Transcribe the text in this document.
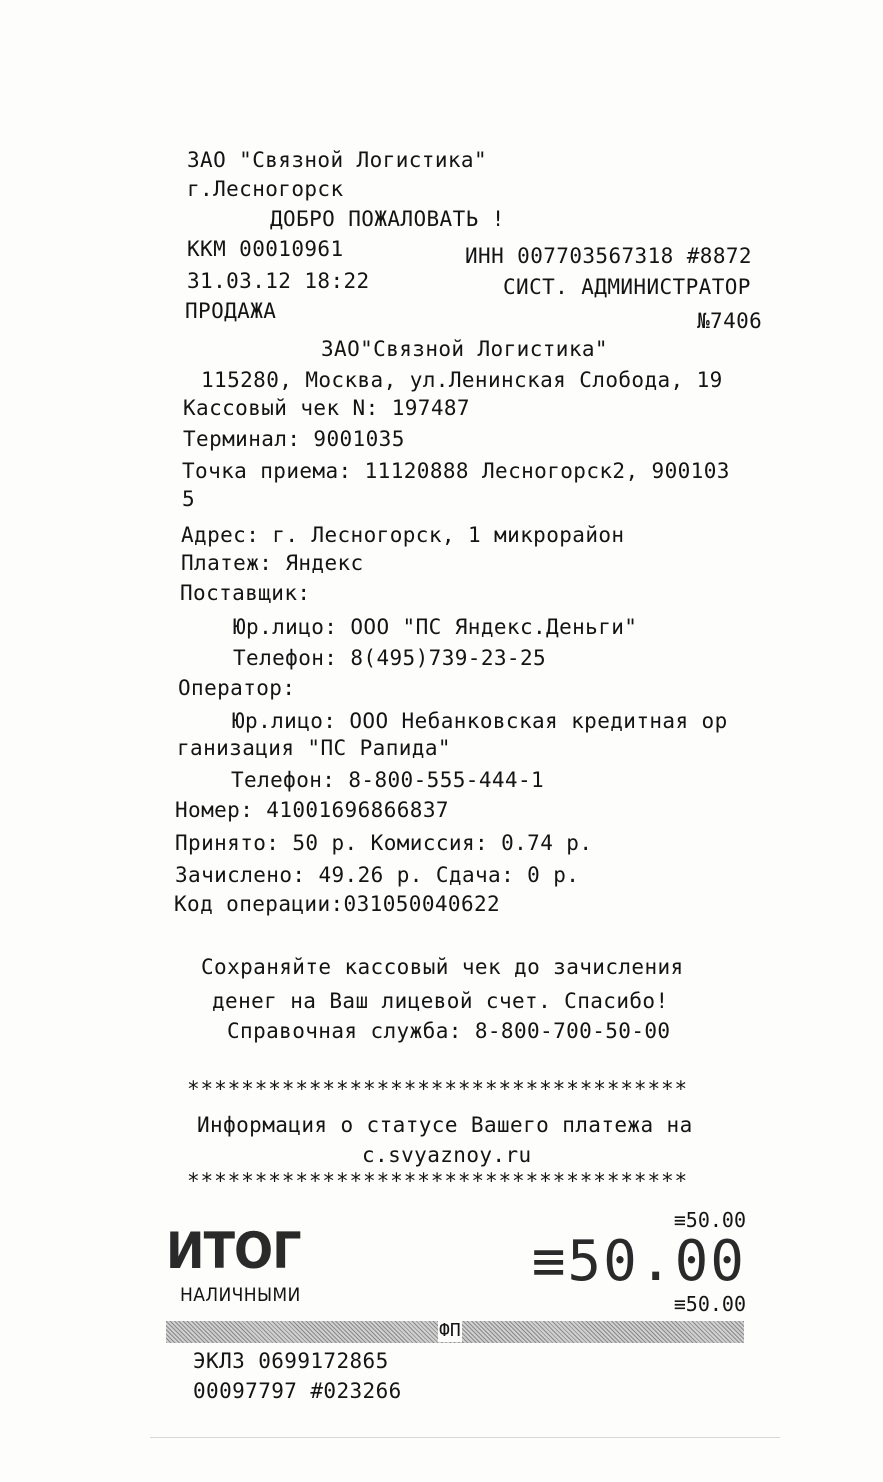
ЗАО "Связной Логистика"
г.Лесногорск
ДОБРО ПОЖАЛОВАТЬ !
ККМ 00010961	ИНН 007703567318 #8872
31.03.12 18:22	СИСТ. АДМИНИСТРАТОР
ПРОДАЖА	№7406
ЗАО"Связной Логистика"
115280, Москва, ул.Ленинская Слобода, 19
Кассовый чек N: 197487
Терминал: 9001035
Точка приема: 11120888 Лесногорск2, 900103
5
Адрес: г. Лесногорск, 1 микрорайон
Платеж: Яндекс
Поставщик:
Юр.лицо: ООО "ПС Яндекс.Деньги"
Телефон: 8(495)739-23-25
Оператор:
Юр.лицо: ООО Небанковская кредитная ор
ганизация "ПС Рапида"
Телефон: 8-800-555-444-1
Номер: 41001696866837
Принято: 50 р. Комиссия: 0.74 р.
Зачислено: 49.26 р. Сдача: 0 р.
Код операции:031050040622
Сохраняйте кассовый чек до зачисления
денег на Ваш лицевой счет. Спасибо!
Справочная служба: 8-800-700-50-00
*************************************
Информация о статусе Вашего платежа на
c.svyaznoy.ru
*************************************
≡50.00
ИТОГ	≡50.00
НАЛИЧНЫМИ	≡50.00
ФП
ЭКЛЗ 0699172865
00097797 #023266
